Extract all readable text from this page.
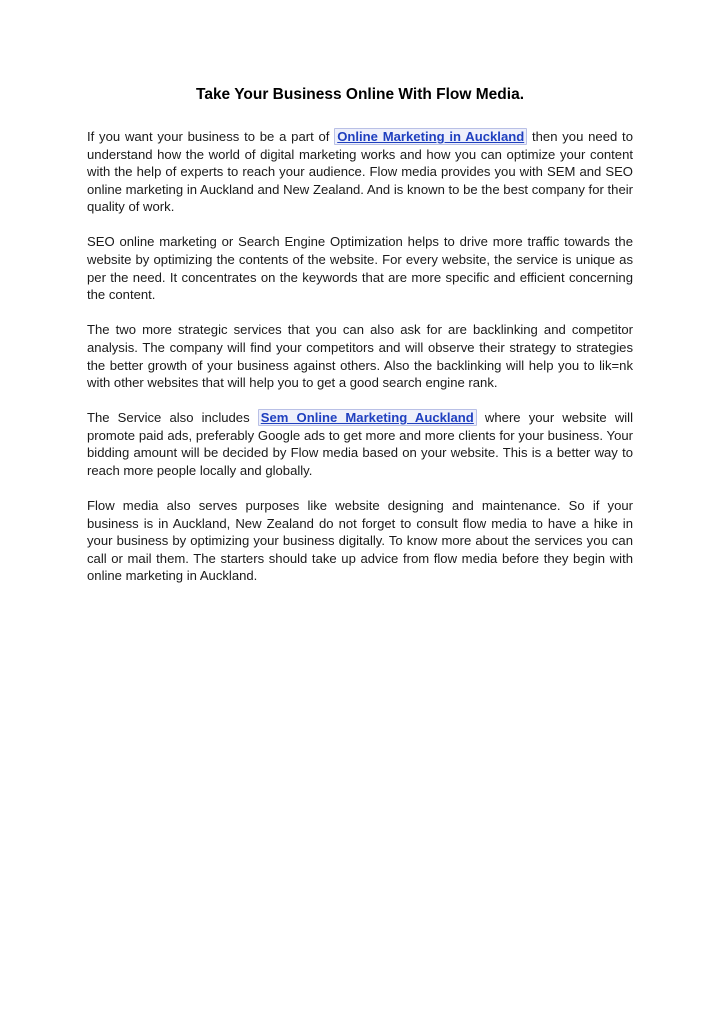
Take Your Business Online With Flow Media.

If you want your business to be a part of Online Marketing in Auckland then you need to understand how the world of digital marketing works and how you can optimize your content with the help of experts to reach your audience. Flow media provides you with SEM and SEO online marketing in Auckland and New Zealand. And is known to be the best company for their quality of work.

SEO online marketing or Search Engine Optimization helps to drive more traffic towards the website by optimizing the contents of the website. For every website, the service is unique as per the need. It concentrates on the keywords that are more specific and efficient concerning the content.

The two more strategic services that you can also ask for are backlinking and competitor analysis. The company will find your competitors and will observe their strategy to strategies the better growth of your business against others. Also the backlinking will help you to lik=nk with other websites that will help you to get a good search engine rank.

The Service also includes Sem Online Marketing Auckland where your website will promote paid ads, preferably Google ads to get more and more clients for your business. Your bidding amount will be decided by Flow media based on your website. This is a better way to reach more people locally and globally.

Flow media also serves purposes like website designing and maintenance. So if your business is in Auckland, New Zealand do not forget to consult flow media to have a hike in your business by optimizing your business digitally. To know more about the services you can call or mail them. The starters should take up advice from flow media before they begin with online marketing in Auckland.
